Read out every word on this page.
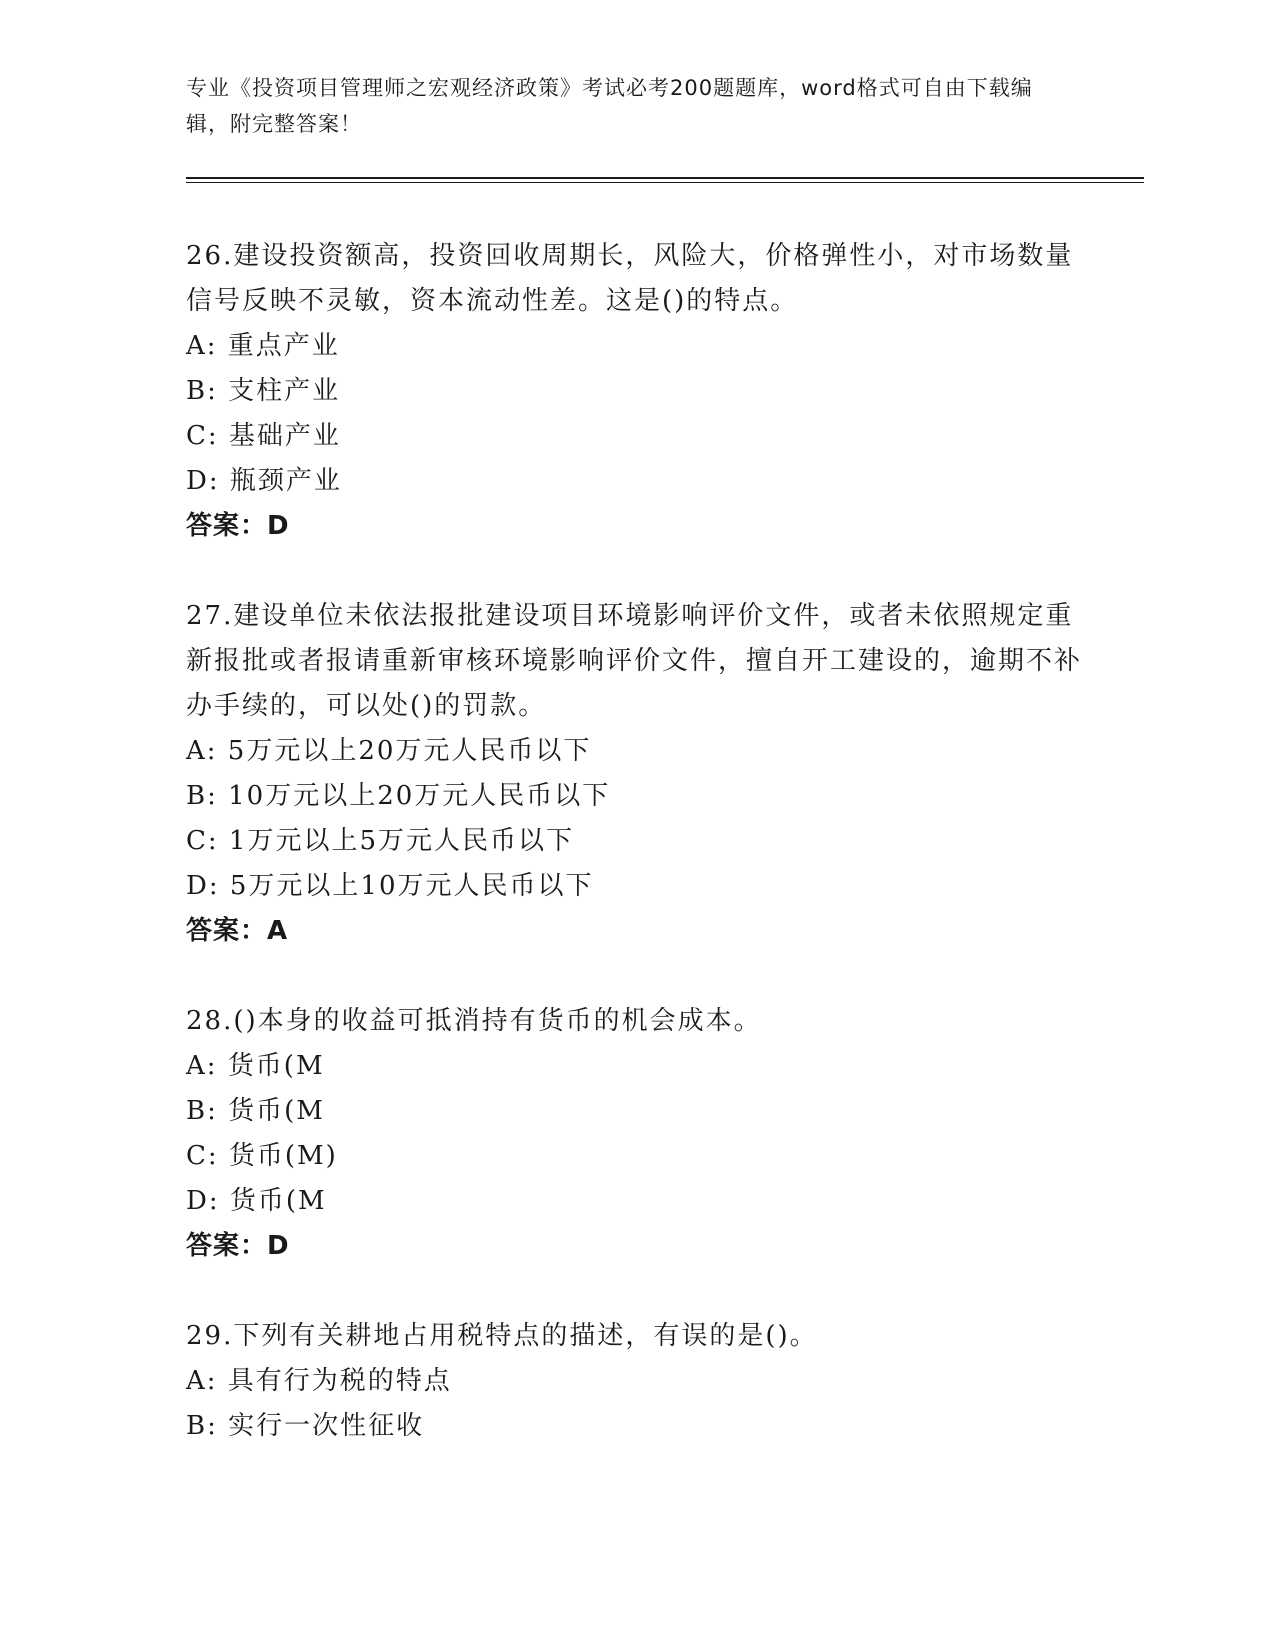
专业《投资项目管理师之宏观经济政策》考试必考200题题库，word格式可自由下载编辑，附完整答案！

26.建设投资额高，投资回收周期长，风险大，价格弹性小，对市场数量信号反映不灵敏，资本流动性差。这是()的特点。

A: 重点产业

B: 支柱产业

C: 基础产业

D: 瓶颈产业

答案：D

27.建设单位未依法报批建设项目环境影响评价文件，或者未依照规定重新报批或者报请重新审核环境影响评价文件，擅自开工建设的，逾期不补办手续的，可以处()的罚款。

A: 5万元以上20万元人民币以下

B: 10万元以上20万元人民币以下

C: 1万元以上5万元人民币以下

D: 5万元以上10万元人民币以下

答案：A

28.()本身的收益可抵消持有货币的机会成本。

A: 货币(M

B: 货币(M

C: 货币(M)

D: 货币(M

答案：D

29.下列有关耕地占用税特点的描述，有误的是()。

A: 具有行为税的特点

B: 实行一次性征收
